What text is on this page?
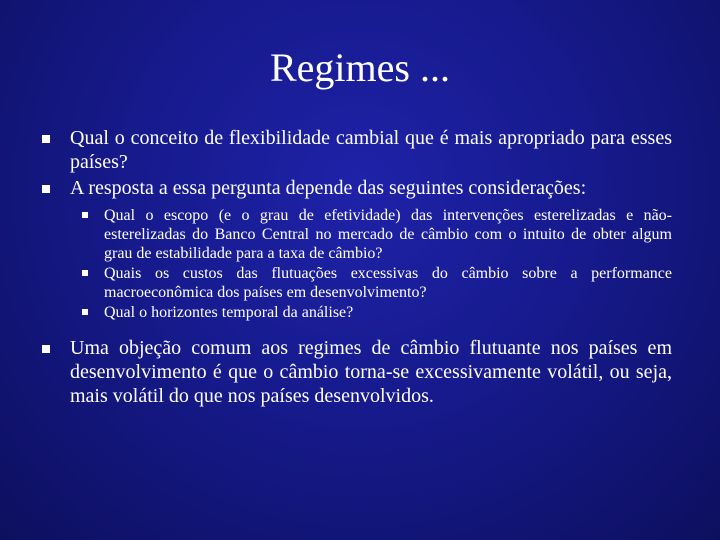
Regimes ...
Qual o conceito de flexibilidade cambial que é mais apropriado para esses países?
A resposta a essa pergunta depende das seguintes considerações:
Qual o escopo (e o grau de efetividade) das intervenções esterelizadas e não-esterelizadas do Banco Central no mercado de câmbio com o intuito de obter algum grau de estabilidade para a taxa de câmbio?
Quais os custos das flutuações excessivas do câmbio sobre a performance macroeconômica dos países em desenvolvimento?
Qual o horizontes temporal da análise?
Uma objeção comum aos regimes de câmbio flutuante nos países em desenvolvimento é que o câmbio torna-se excessivamente volátil, ou seja, mais volátil do que nos países desenvolvidos.
